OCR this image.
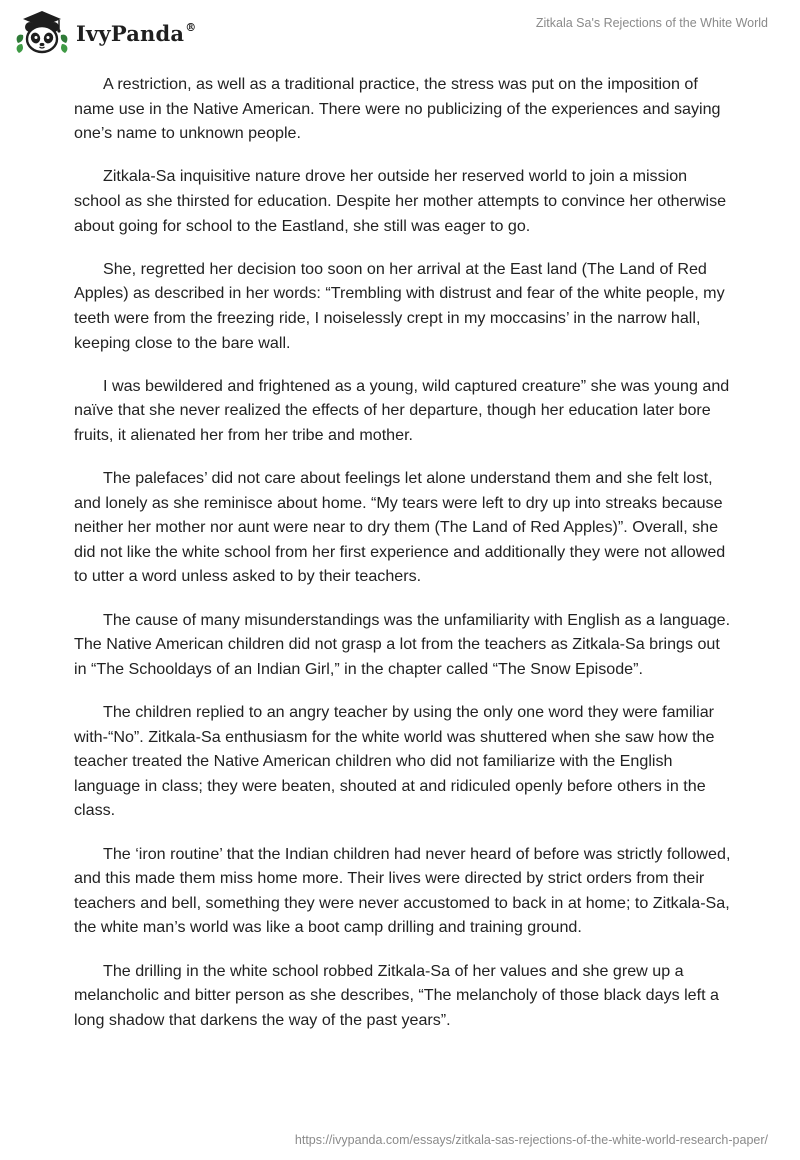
IvyPanda®	Zitkala Sa's Rejections of the White World

A restriction, as well as a traditional practice, the stress was put on the imposition of name use in the Native American. There were no publicizing of the experiences and saying one’s name to unknown people.

Zitkala-Sa inquisitive nature drove her outside her reserved world to join a mission school as she thirsted for education. Despite her mother attempts to convince her otherwise about going for school to the Eastland, she still was eager to go.

She, regretted her decision too soon on her arrival at the East land (The Land of Red Apples) as described in her words: “Trembling with distrust and fear of the white people, my teeth were from the freezing ride, I noiselessly crept in my moccasins’ in the narrow hall, keeping close to the bare wall.

I was bewildered and frightened as a young, wild captured creature” she was young and naïve that she never realized the effects of her departure, though her education later bore fruits, it alienated her from her tribe and mother.

The palefaces’ did not care about feelings let alone understand them and she felt lost, and lonely as she reminisce about home. “My tears were left to dry up into streaks because neither her mother nor aunt were near to dry them (The Land of Red Apples)”. Overall, she did not like the white school from her first experience and additionally they were not allowed to utter a word unless asked to by their teachers.

The cause of many misunderstandings was the unfamiliarity with English as a language. The Native American children did not grasp a lot from the teachers as Zitkala-Sa brings out in “The Schooldays of an Indian Girl,” in the chapter called “The Snow Episode”.

The children replied to an angry teacher by using the only one word they were familiar with-“No”. Zitkala-Sa enthusiasm for the white world was shuttered when she saw how the teacher treated the Native American children who did not familiarize with the English language in class; they were beaten, shouted at and ridiculed openly before others in the class.

The ‘iron routine’ that the Indian children had never heard of before was strictly followed, and this made them miss home more. Their lives were directed by strict orders from their teachers and bell, something they were never accustomed to back in at home; to Zitkala-Sa, the white man’s world was like a boot camp drilling and training ground.

The drilling in the white school robbed Zitkala-Sa of her values and she grew up a melancholic and bitter person as she describes, “The melancholy of those black days left a long shadow that darkens the way of the past years”.

https://ivypanda.com/essays/zitkala-sas-rejections-of-the-white-world-research-paper/
